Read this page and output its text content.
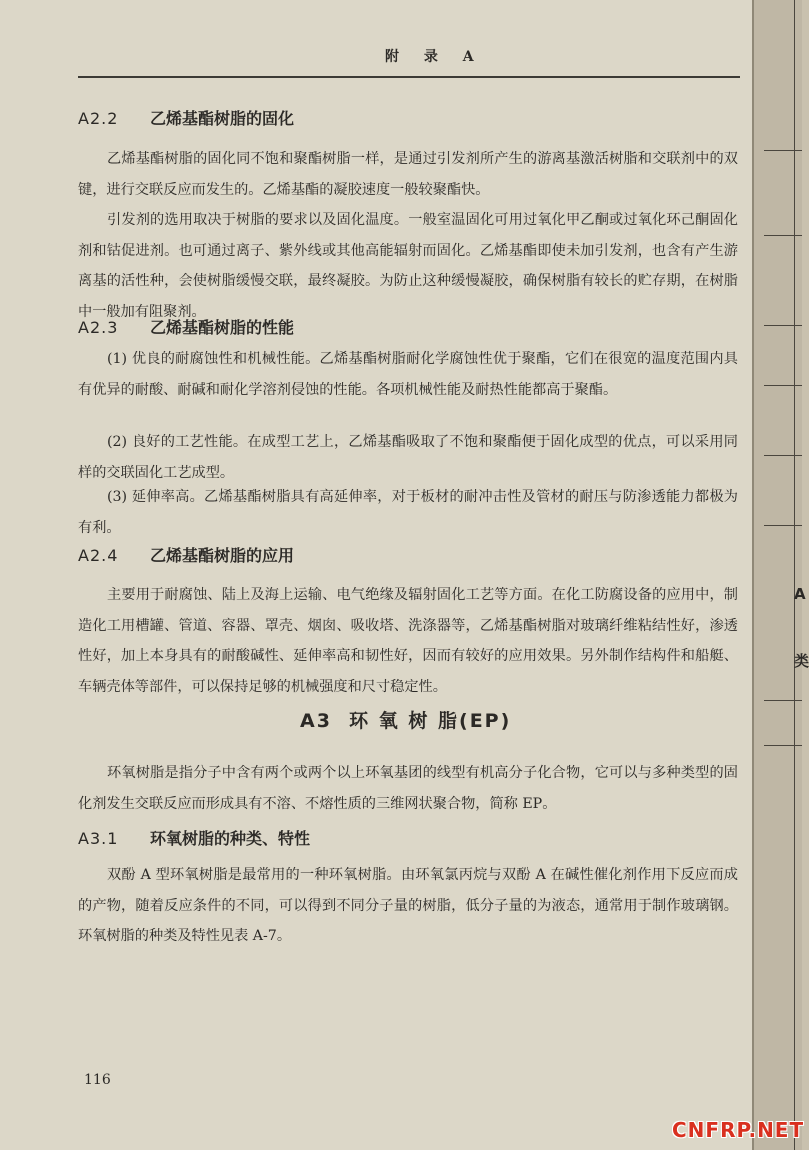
附 录 A
A2.2 乙烯基酯树脂的固化

乙烯基酯树脂的固化同不饱和聚酯树脂一样，是通过引发剂所产生的游离基激活树脂和交联剂中的双键，进行交联反应而发生的。乙烯基酯的凝胶速度一般较聚酯快。

引发剂的选用取决于树脂的要求以及固化温度。一般室温固化可用过氧化甲乙酮或过氧化环己酮固化剂和钴促进剂。也可通过离子、紫外线或其他高能辐射而固化。乙烯基酯即使未加引发剂，也含有产生游离基的活性种，会使树脂缓慢交联，最终凝胶。为防止这种缓慢凝胶，确保树脂有较长的贮存期，在树脂中一般加有阻聚剂。

A2.3 乙烯基酯树脂的性能

(1) 优良的耐腐蚀性和机械性能。乙烯基酯树脂耐化学腐蚀性优于聚酯，它们在很宽的温度范围内具有优异的耐酸、耐碱和耐化学溶剂侵蚀的性能。各项机械性能及耐热性能都高于聚酯。

(2) 良好的工艺性能。在成型工艺上，乙烯基酯吸取了不饱和聚酯便于固化成型的优点，可以采用同样的交联固化工艺成型。

(3) 延伸率高。乙烯基酯树脂具有高延伸率，对于板材的耐冲击性及管材的耐压与防渗透能力都极为有利。

A2.4 乙烯基酯树脂的应用

主要用于耐腐蚀、陆上及海上运输、电气绝缘及辐射固化工艺等方面。在化工防腐设备的应用中，制造化工用槽罐、管道、容器、罩壳、烟囱、吸收塔、洗涤器等，乙烯基酯树脂对玻璃纤维粘结性好，渗透性好，加上本身具有的耐酸碱性、延伸率高和韧性好，因而有较好的应用效果。另外制作结构件和船艇、车辆壳体等部件，可以保持足够的机械强度和尺寸稳定性。

A3 环 氧 树 脂(EP)

环氧树脂是指分子中含有两个或两个以上环氧基团的线型有机高分子化合物，它可以与多种类型的固化剂发生交联反应而形成具有不溶、不熔性质的三维网状聚合物，简称 EP。

A3.1 环氧树脂的种类、特性

双酚 A 型环氧树脂是最常用的一种环氧树脂。由环氧氯丙烷与双酚 A 在碱性催化剂作用下反应而成的产物，随着反应条件的不同，可以得到不同分子量的树脂，低分子量的为液态，通常用于制作玻璃钢。环氧树脂的种类及特性见表 A-7。

116
A
类
CNFRP.NET
